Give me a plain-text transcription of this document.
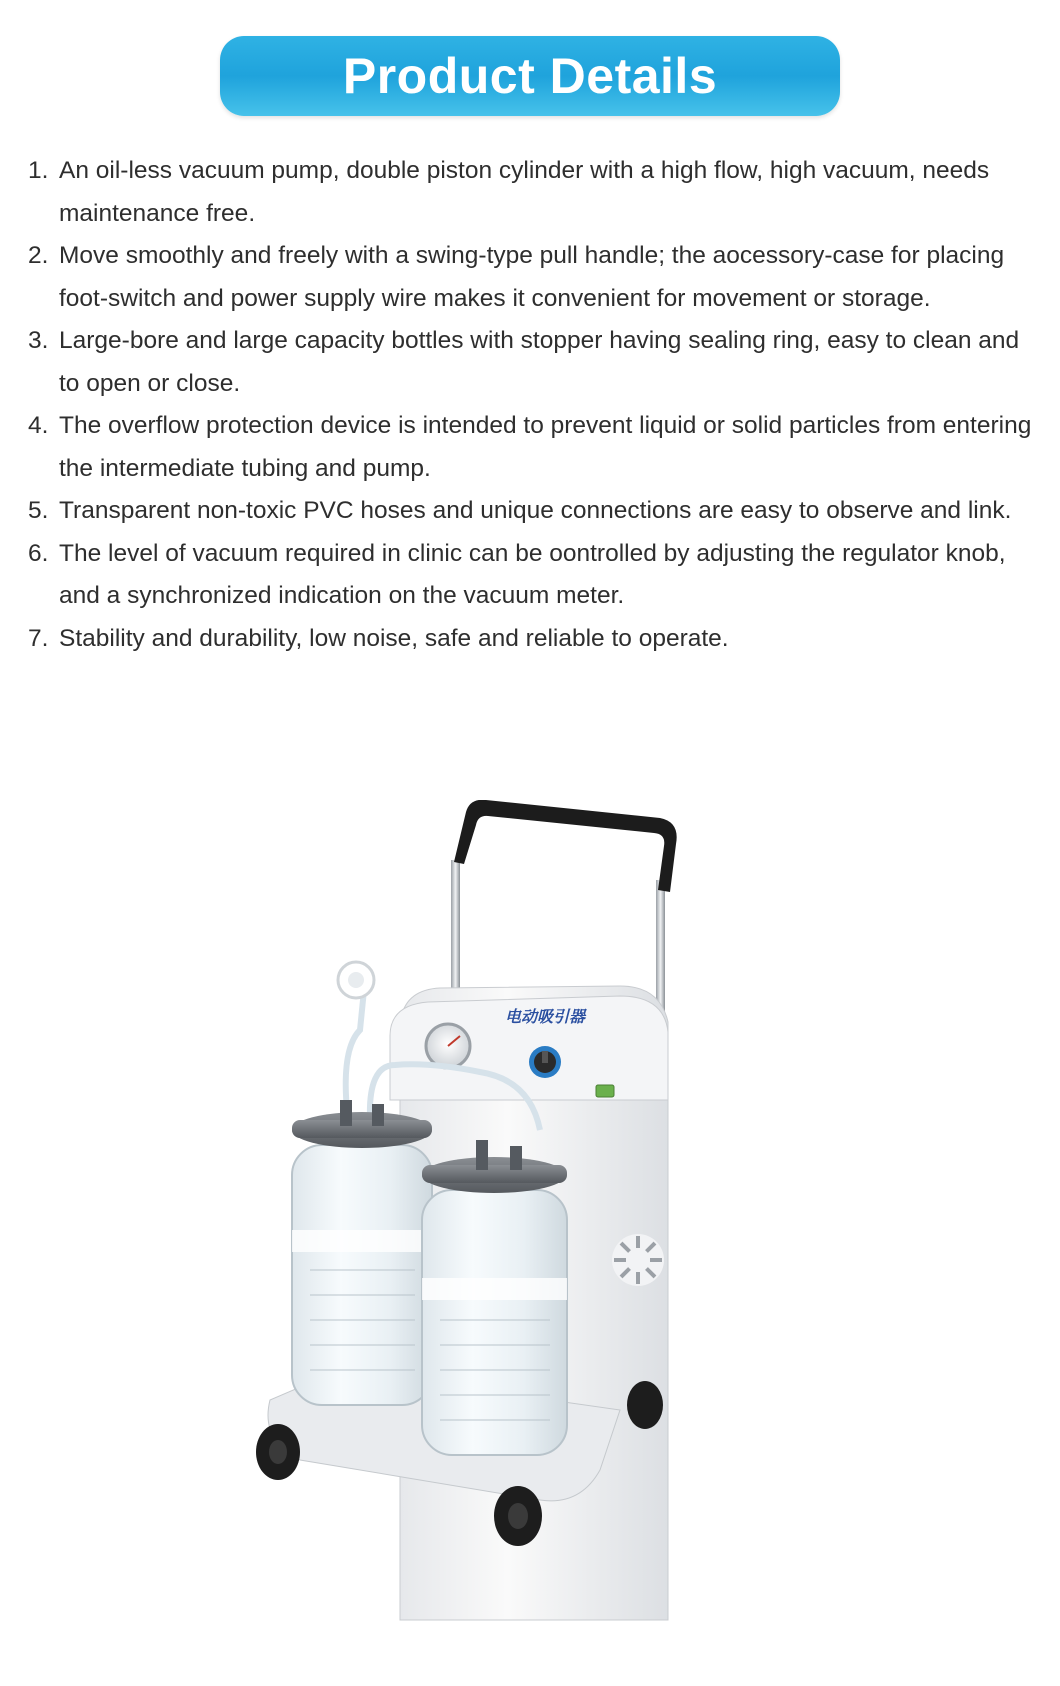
Product Details
1. An oil-less vacuum pump, double piston cylinder with a high flow, high vacuum, needs maintenance free.
2. Move smoothly and freely with a swing-type pull handle; the aocessory-case for placing foot-switch and power supply wire makes it convenient for movement or storage.
3. Large-bore and large capacity bottles with stopper having sealing ring, easy to clean and to open or close.
4. The overflow protection device is intended to prevent liquid or solid particles from entering the intermediate tubing and pump.
5. Transparent non-toxic PVC hoses and unique connections are easy to observe and link.
6. The level of vacuum required in clinic can be oontrolled by adjusting the regulator knob, and a synchronized indication on the vacuum meter.
7. Stability and durability, low noise, safe and reliable to operate.
电动吸引器
